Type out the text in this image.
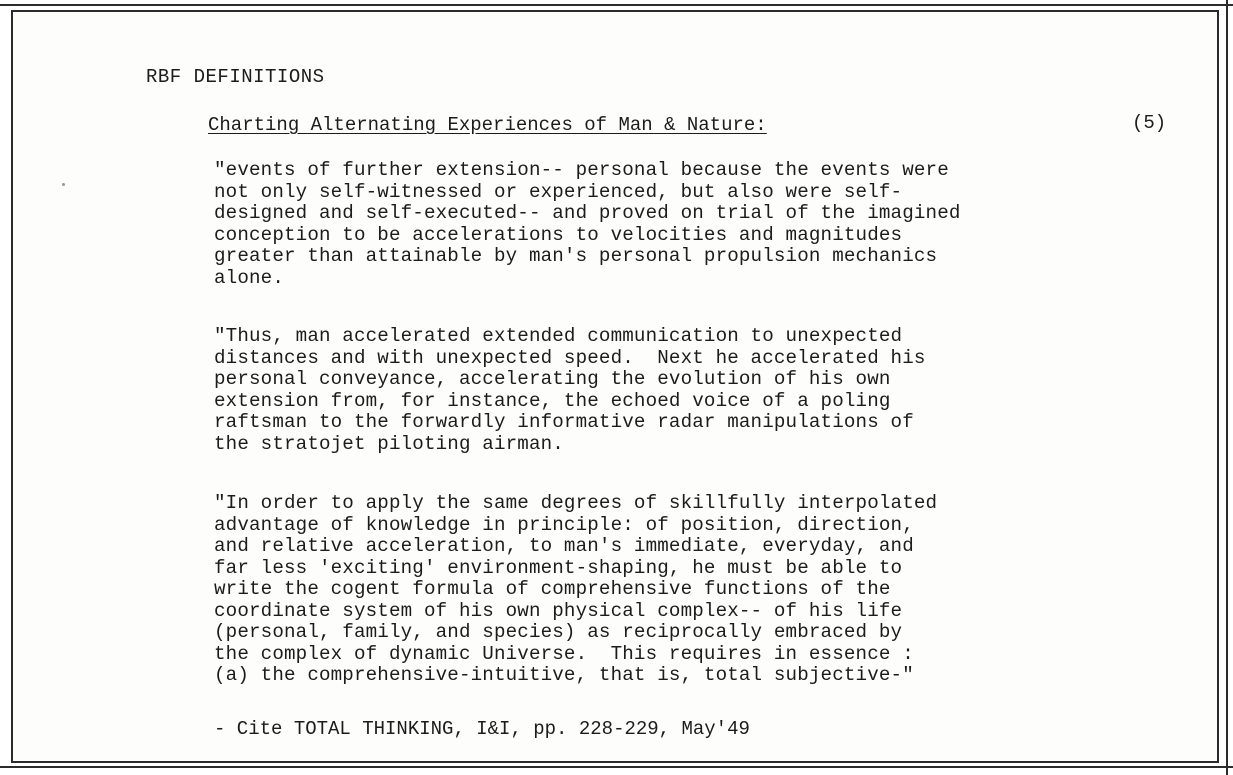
RBF DEFINITIONS
Charting Alternating Experiences of Man & Nature:	(5)

"events of further extension-- personal because the events were
not only self-witnessed or experienced, but also were self-
designed and self-executed-- and proved on trial of the imagined
conception to be accelerations to velocities and magnitudes
greater than attainable by man's personal propulsion mechanics
alone.

"Thus, man accelerated extended communication to unexpected
distances and with unexpected speed.  Next he accelerated his
personal conveyance, accelerating the evolution of his own
extension from, for instance, the echoed voice of a poling
raftsman to the forwardly informative radar manipulations of
the stratojet piloting airman.

"In order to apply the same degrees of skillfully interpolated
advantage of knowledge in principle: of position, direction,
and relative acceleration, to man's immediate, everyday, and
far less 'exciting' environment-shaping, he must be able to
write the cogent formula of comprehensive functions of the
coordinate system of his own physical complex-- of his life
(personal, family, and species) as reciprocally embraced by
the complex of dynamic Universe.  This requires in essence :
(a) the comprehensive-intuitive, that is, total subjective-"

- Cite TOTAL THINKING, I&I, pp. 228-229, May'49
